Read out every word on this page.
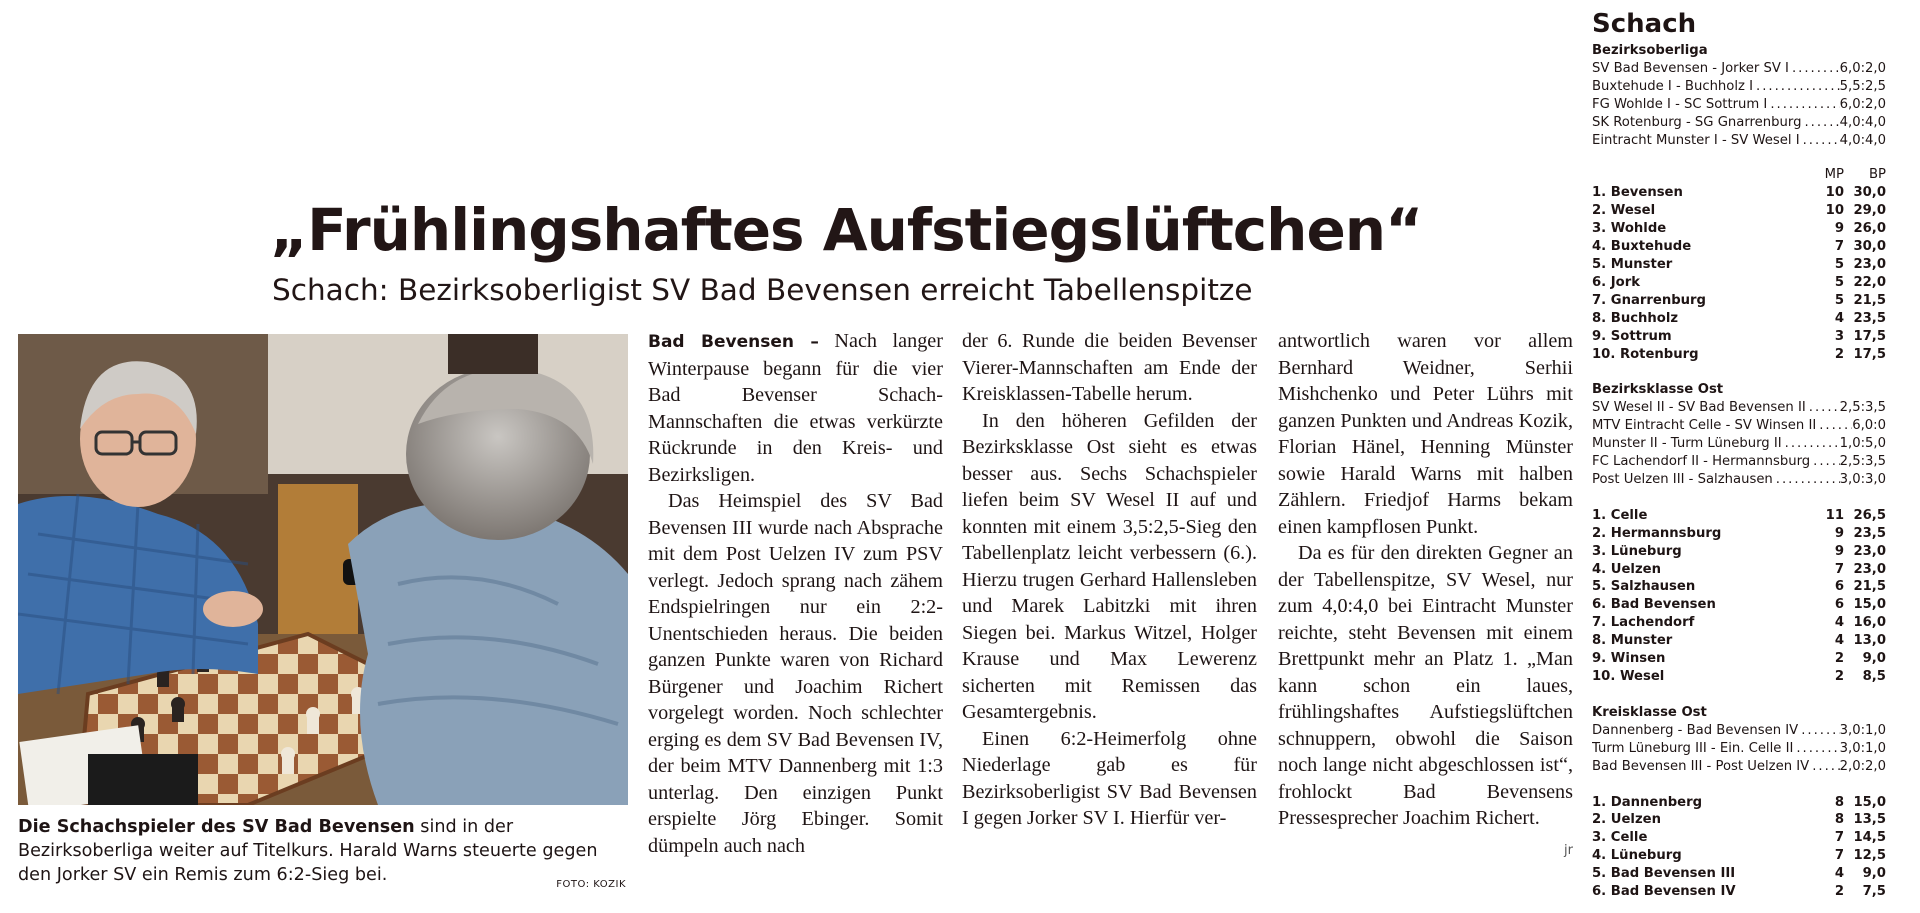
„Frühlingshaftes Aufstiegslüftchen“
Schach: Bezirksoberligist SV Bad Bevensen erreicht Tabellenspitze
Die Schachspieler des SV Bad Bevensen sind in der Bezirksoberliga weiter auf Titelkurs. Harald Warns steuerte gegen den Jorker SV ein Remis zum 6:2-Sieg bei.	FOTO: KOZIK

Bad Bevensen – Nach langer Winterpause begann für die vier Bad Bevenser Schach-Mannschaften die etwas verkürzte Rückrunde in den Kreis- und Bezirksligen.

Das Heimspiel des SV Bad Bevensen III wurde nach Absprache mit dem Post Uelzen IV zum PSV verlegt. Jedoch sprang nach zähem Endspielringen nur ein 2:2-Unentschieden heraus. Die beiden ganzen Punkte waren von Richard Bürgener und Joachim Richert vorgelegt worden. Noch schlechter erging es dem SV Bad Bevensen IV, der beim MTV Dannenberg mit 1:3 unterlag. Den einzigen Punkt erspielte Jörg Ebinger. Somit dümpeln auch nach

der 6. Runde die beiden Bevenser Vierer-Mannschaften am Ende der Kreisklassen-Tabelle herum.

In den höheren Gefilden der Bezirksklasse Ost sieht es etwas besser aus. Sechs Schachspieler liefen beim SV Wesel II auf und konnten mit einem 3,5:2,5-Sieg den Tabellenplatz leicht verbessern (6.). Hierzu trugen Gerhard Hallensleben und Marek Labitzki mit ihren Siegen bei. Markus Witzel, Holger Krause und Max Lewerenz sicherten mit Remissen das Gesamtergebnis.

Einen 6:2-Heimerfolg ohne Niederlage gab es für Bezirksoberligist SV Bad Bevensen I gegen Jorker SV I. Hierfür ver-

antwortlich waren vor allem Bernhard Weidner, Serhii Mishchenko und Peter Lührs mit ganzen Punkten und Andreas Kozik, Florian Hänel, Henning Münster sowie Harald Warns mit halben Zählern. Friedjof Harms bekam einen kampflosen Punkt.

Da es für den direkten Gegner an der Tabellenspitze, SV Wesel, nur zum 4,0:4,0 bei Eintracht Munster reichte, steht Bevensen mit einem Brettpunkt mehr an Platz 1. „Man kann schon ein laues, frühlingshaftes Aufstiegslüftchen schnuppern, obwohl die Saison noch lange nicht abgeschlossen ist“, frohlockt Bad Bevensens Pressesprecher Joachim Richert.

jr
Schach
Bezirksoberliga
SV Bad Bevensen - Jorker SV I .....	6,0:2,0
Buxtehude I - Buchholz I .....	5,5:2,5
FG Wohlde I - SC Sottrum I .....	6,0:2,0
SK Rotenburg - SG Gnarrenburg .....	4,0:4,0
Eintracht Munster I - SV Wesel I .....	4,0:4,0
MP	BP
1. Bevensen	10 30,0
2. Wesel	10 29,0
3. Wohlde	9 26,0
4. Buxtehude	7 30,0
5. Munster	5 23,0
6. Jork	5 22,0
7. Gnarrenburg	5 21,5
8. Buchholz	4 23,5
9. Sottrum	3 17,5
10. Rotenburg	2 17,5
Bezirksklasse Ost
SV Wesel II - SV Bad Bevensen II .....	2,5:3,5
MTV Eintracht Celle - SV Winsen II .....	6,0:0
Munster II - Turm Lüneburg II .....	1,0:5,0
FC Lachendorf II - Hermannsburg ..... 2,5:3,5
Post Uelzen III - Salzhausen .....	3,0:3,0
1. Celle	11 26,5
2. Hermannsburg	9 23,5
3. Lüneburg	9 23,0
4. Uelzen	7 23,0
5. Salzhausen	6 21,5
6. Bad Bevensen	6 15,0
7. Lachendorf	4 16,0
8. Munster	4 13,0
9. Winsen	2	9,0
10. Wesel	2	8,5
Kreisklasse Ost
Dannenberg - Bad Bevensen IV .....	3,0:1,0
Turm Lüneburg III - Ein. Celle II .....	3,0:1,0
Bad Bevensen III - Post Uelzen IV ..... 2,0:2,0
1. Dannenberg	8 15,0
2. Uelzen	8 13,5
3. Celle	7 14,5
4. Lüneburg	7 12,5
5. Bad Bevensen III	4	9,0
6. Bad Bevensen IV	2	7,5
